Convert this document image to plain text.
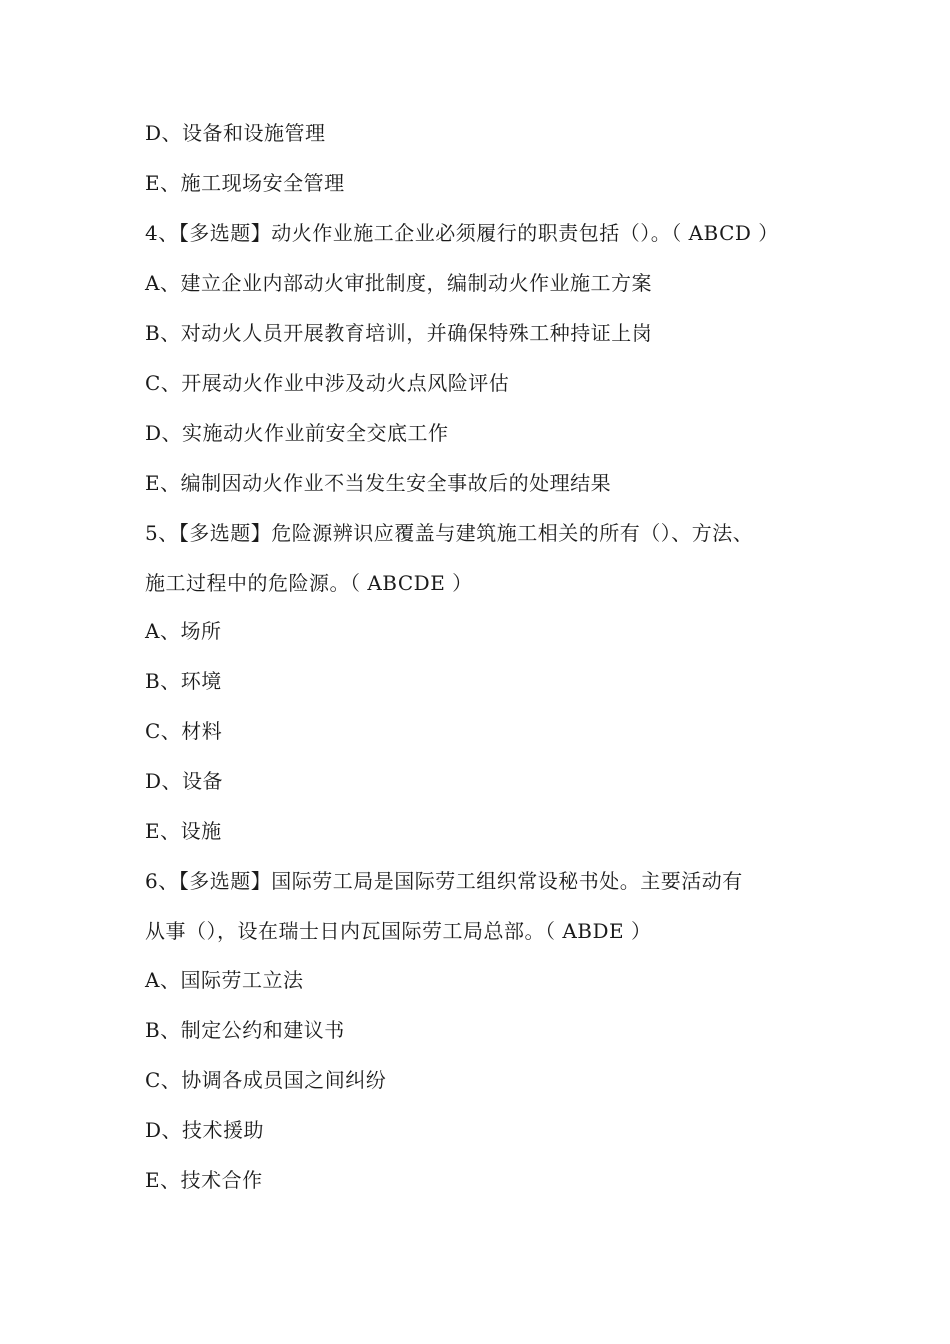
D、设备和设施管理
E、施工现场安全管理
4、【多选题】动火作业施工企业必须履行的职责包括（）。（ ABCD ）
A、建立企业内部动火审批制度，编制动火作业施工方案
B、对动火人员开展教育培训，并确保特殊工种持证上岗
C、开展动火作业中涉及动火点风险评估
D、实施动火作业前安全交底工作
E、编制因动火作业不当发生安全事故后的处理结果
5、【多选题】危险源辨识应覆盖与建筑施工相关的所有（）、方法、
施工过程中的危险源。（ ABCDE ）
A、场所
B、环境
C、材料
D、设备
E、设施
6、【多选题】国际劳工局是国际劳工组织常设秘书处。主要活动有
从事（），设在瑞士日内瓦国际劳工局总部。（ ABDE ）
A、国际劳工立法
B、制定公约和建议书
C、协调各成员国之间纠纷
D、技术援助
E、技术合作
